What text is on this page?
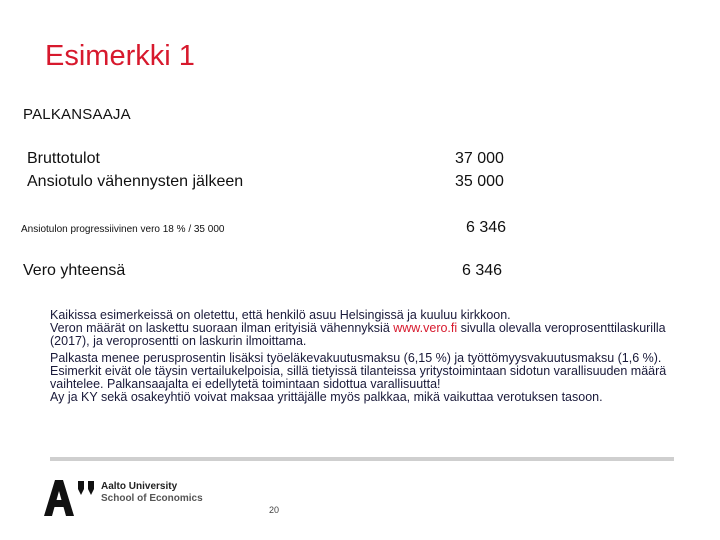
Esimerkki 1
PALKANSAAJA
Bruttotulot	37 000
Ansiotulo vähennysten jälkeen	35 000
Ansiotulon progressiivinen vero 18 % / 35 000	6 346
Vero yhteensä	6 346

Kaikissa esimerkeissä on oletettu, että henkilö asuu Helsingissä ja kuuluu kirkkoon.

Veron määrät on laskettu suoraan ilman erityisiä vähennyksiä www.vero.fi sivulla olevalla veroprosenttilaskurilla (2017), ja veroprosentti on laskurin ilmoittama.

Palkasta menee perusprosentin lisäksi työeläkevakuutusmaksu (6,15 %) ja työttömyysvakuutusmaksu (1,6 %).

Esimerkit eivät ole täysin vertailukelpoisia, sillä tietyissä tilanteissa yritystoimintaan sidotun varallisuuden määrä vaihtelee. Palkansaajalta ei edellytetä toimintaan sidottua varallisuutta!

Ay ja KY sekä osakeyhtiö voivat maksaa yrittäjälle myös palkkaa, mikä vaikuttaa verotuksen tasoon.

Aalto University
School of Economics
20
